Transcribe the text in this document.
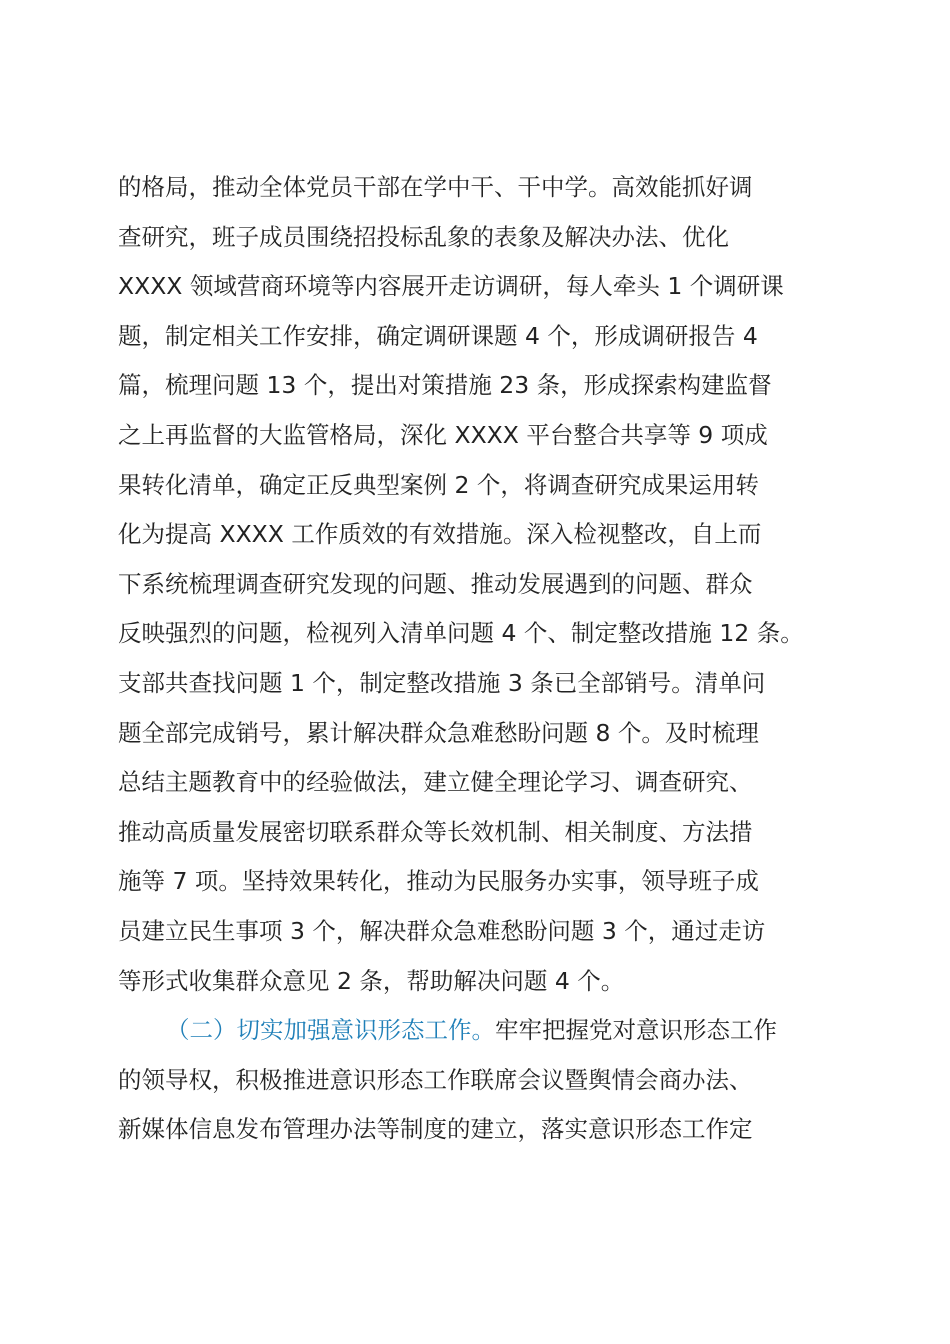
的格局，推动全体党员干部在学中干、干中学。高效能抓好调
查研究，班子成员围绕招投标乱象的表象及解决办法、优化
XXXX 领域营商环境等内容展开走访调研，每人牵头 1 个调研课
题，制定相关工作安排，确定调研课题 4 个，形成调研报告 4
篇，梳理问题 13 个，提出对策措施 23 条，形成探索构建监督
之上再监督的大监管格局，深化 XXXX 平台整合共享等 9 项成
果转化清单，确定正反典型案例 2 个，将调查研究成果运用转
化为提高 XXXX 工作质效的有效措施。深入检视整改，自上而
下系统梳理调查研究发现的问题、推动发展遇到的问题、群众
反映强烈的问题，检视列入清单问题 4 个、制定整改措施 12 条。
支部共查找问题 1 个，制定整改措施 3 条已全部销号。清单问
题全部完成销号，累计解决群众急难愁盼问题 8 个。及时梳理
总结主题教育中的经验做法，建立健全理论学习、调查研究、
推动高质量发展密切联系群众等长效机制、相关制度、方法措
施等 7 项。坚持效果转化，推动为民服务办实事，领导班子成
员建立民生事项 3 个，解决群众急难愁盼问题 3 个，通过走访
等形式收集群众意见 2 条，帮助解决问题 4 个。
（二）切实加强意识形态工作。牢牢把握党对意识形态工作
的领导权，积极推进意识形态工作联席会议暨舆情会商办法、
新媒体信息发布管理办法等制度的建立，落实意识形态工作定
